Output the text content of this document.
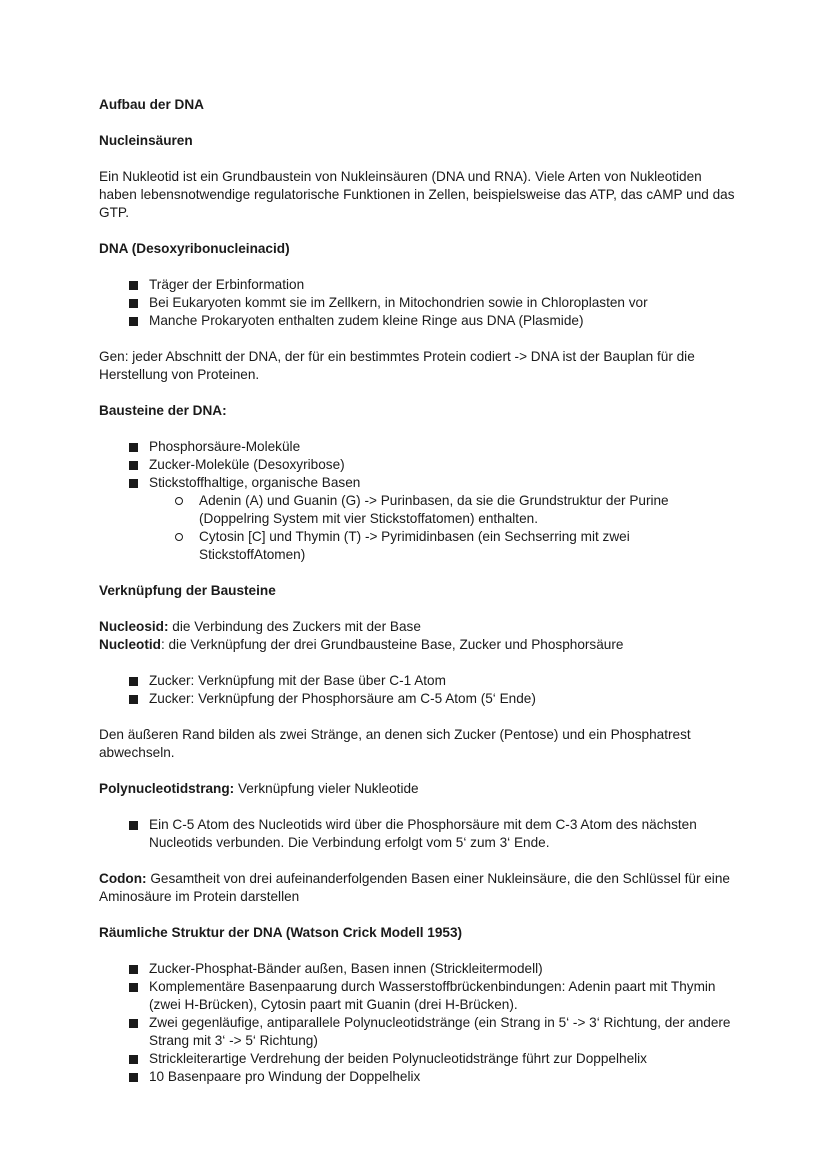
Aufbau der DNA

Nucleinsäuren

Ein Nukleotid ist ein Grundbaustein von Nukleinsäuren (DNA und RNA). Viele Arten von Nukleotiden haben lebensnotwendige regulatorische Funktionen in Zellen, beispielsweise das ATP, das cAMP und das GTP.

DNA (Desoxyribonucleinacid)

Träger der Erbinformation
Bei Eukaryoten kommt sie im Zellkern, in Mitochondrien sowie in Chloroplasten vor
Manche Prokaryoten enthalten zudem kleine Ringe aus DNA (Plasmide)

Gen: jeder Abschnitt der DNA, der für ein bestimmtes Protein codiert -> DNA ist der Bauplan für die Herstellung von Proteinen.

Bausteine der DNA:

Phosphorsäure-Moleküle
Zucker-Moleküle (Desoxyribose)
Stickstoffhaltige, organische Basen
Adenin (A) und Guanin (G) -> Purinbasen, da sie die Grundstruktur der Purine (Doppelring System mit vier Stickstoffatomen) enthalten.
Cytosin [C] und Thymin (T) -> Pyrimidinbasen (ein Sechserring mit zwei StickstoffAtomen)

Verknüpfung der Bausteine

Nucleosid: die Verbindung des Zuckers mit der Base

Nucleotid: die Verknüpfung der drei Grundbausteine Base, Zucker und Phosphorsäure

Zucker: Verknüpfung mit der Base über C-1 Atom
Zucker: Verknüpfung der Phosphorsäure am C-5 Atom (5‘ Ende)

Den äußeren Rand bilden als zwei Stränge, an denen sich Zucker (Pentose) und ein Phosphatrest abwechseln.

Polynucleotidstrang: Verknüpfung vieler Nukleotide

Ein C-5 Atom des Nucleotids wird über die Phosphorsäure mit dem C-3 Atom des nächsten Nucleotids verbunden. Die Verbindung erfolgt vom 5‘ zum 3‘ Ende.

Codon: Gesamtheit von drei aufeinanderfolgenden Basen einer Nukleinsäure, die den Schlüssel für eine Aminosäure im Protein darstellen

Räumliche Struktur der DNA (Watson Crick Modell 1953)

Zucker-Phosphat-Bänder außen, Basen innen (Strickleitermodell)
Komplementäre Basenpaarung durch Wasserstoffbrückenbindungen: Adenin paart mit Thymin (zwei H-Brücken), Cytosin paart mit Guanin (drei H-Brücken).
Zwei gegenläufige, antiparallele Polynucleotidstränge (ein Strang in 5‘ -> 3‘ Richtung, der andere Strang mit 3‘ -> 5‘ Richtung)
Strickleiterartige Verdrehung der beiden Polynucleotidstränge führt zur Doppelhelix
10 Basenpaare pro Windung der Doppelhelix
